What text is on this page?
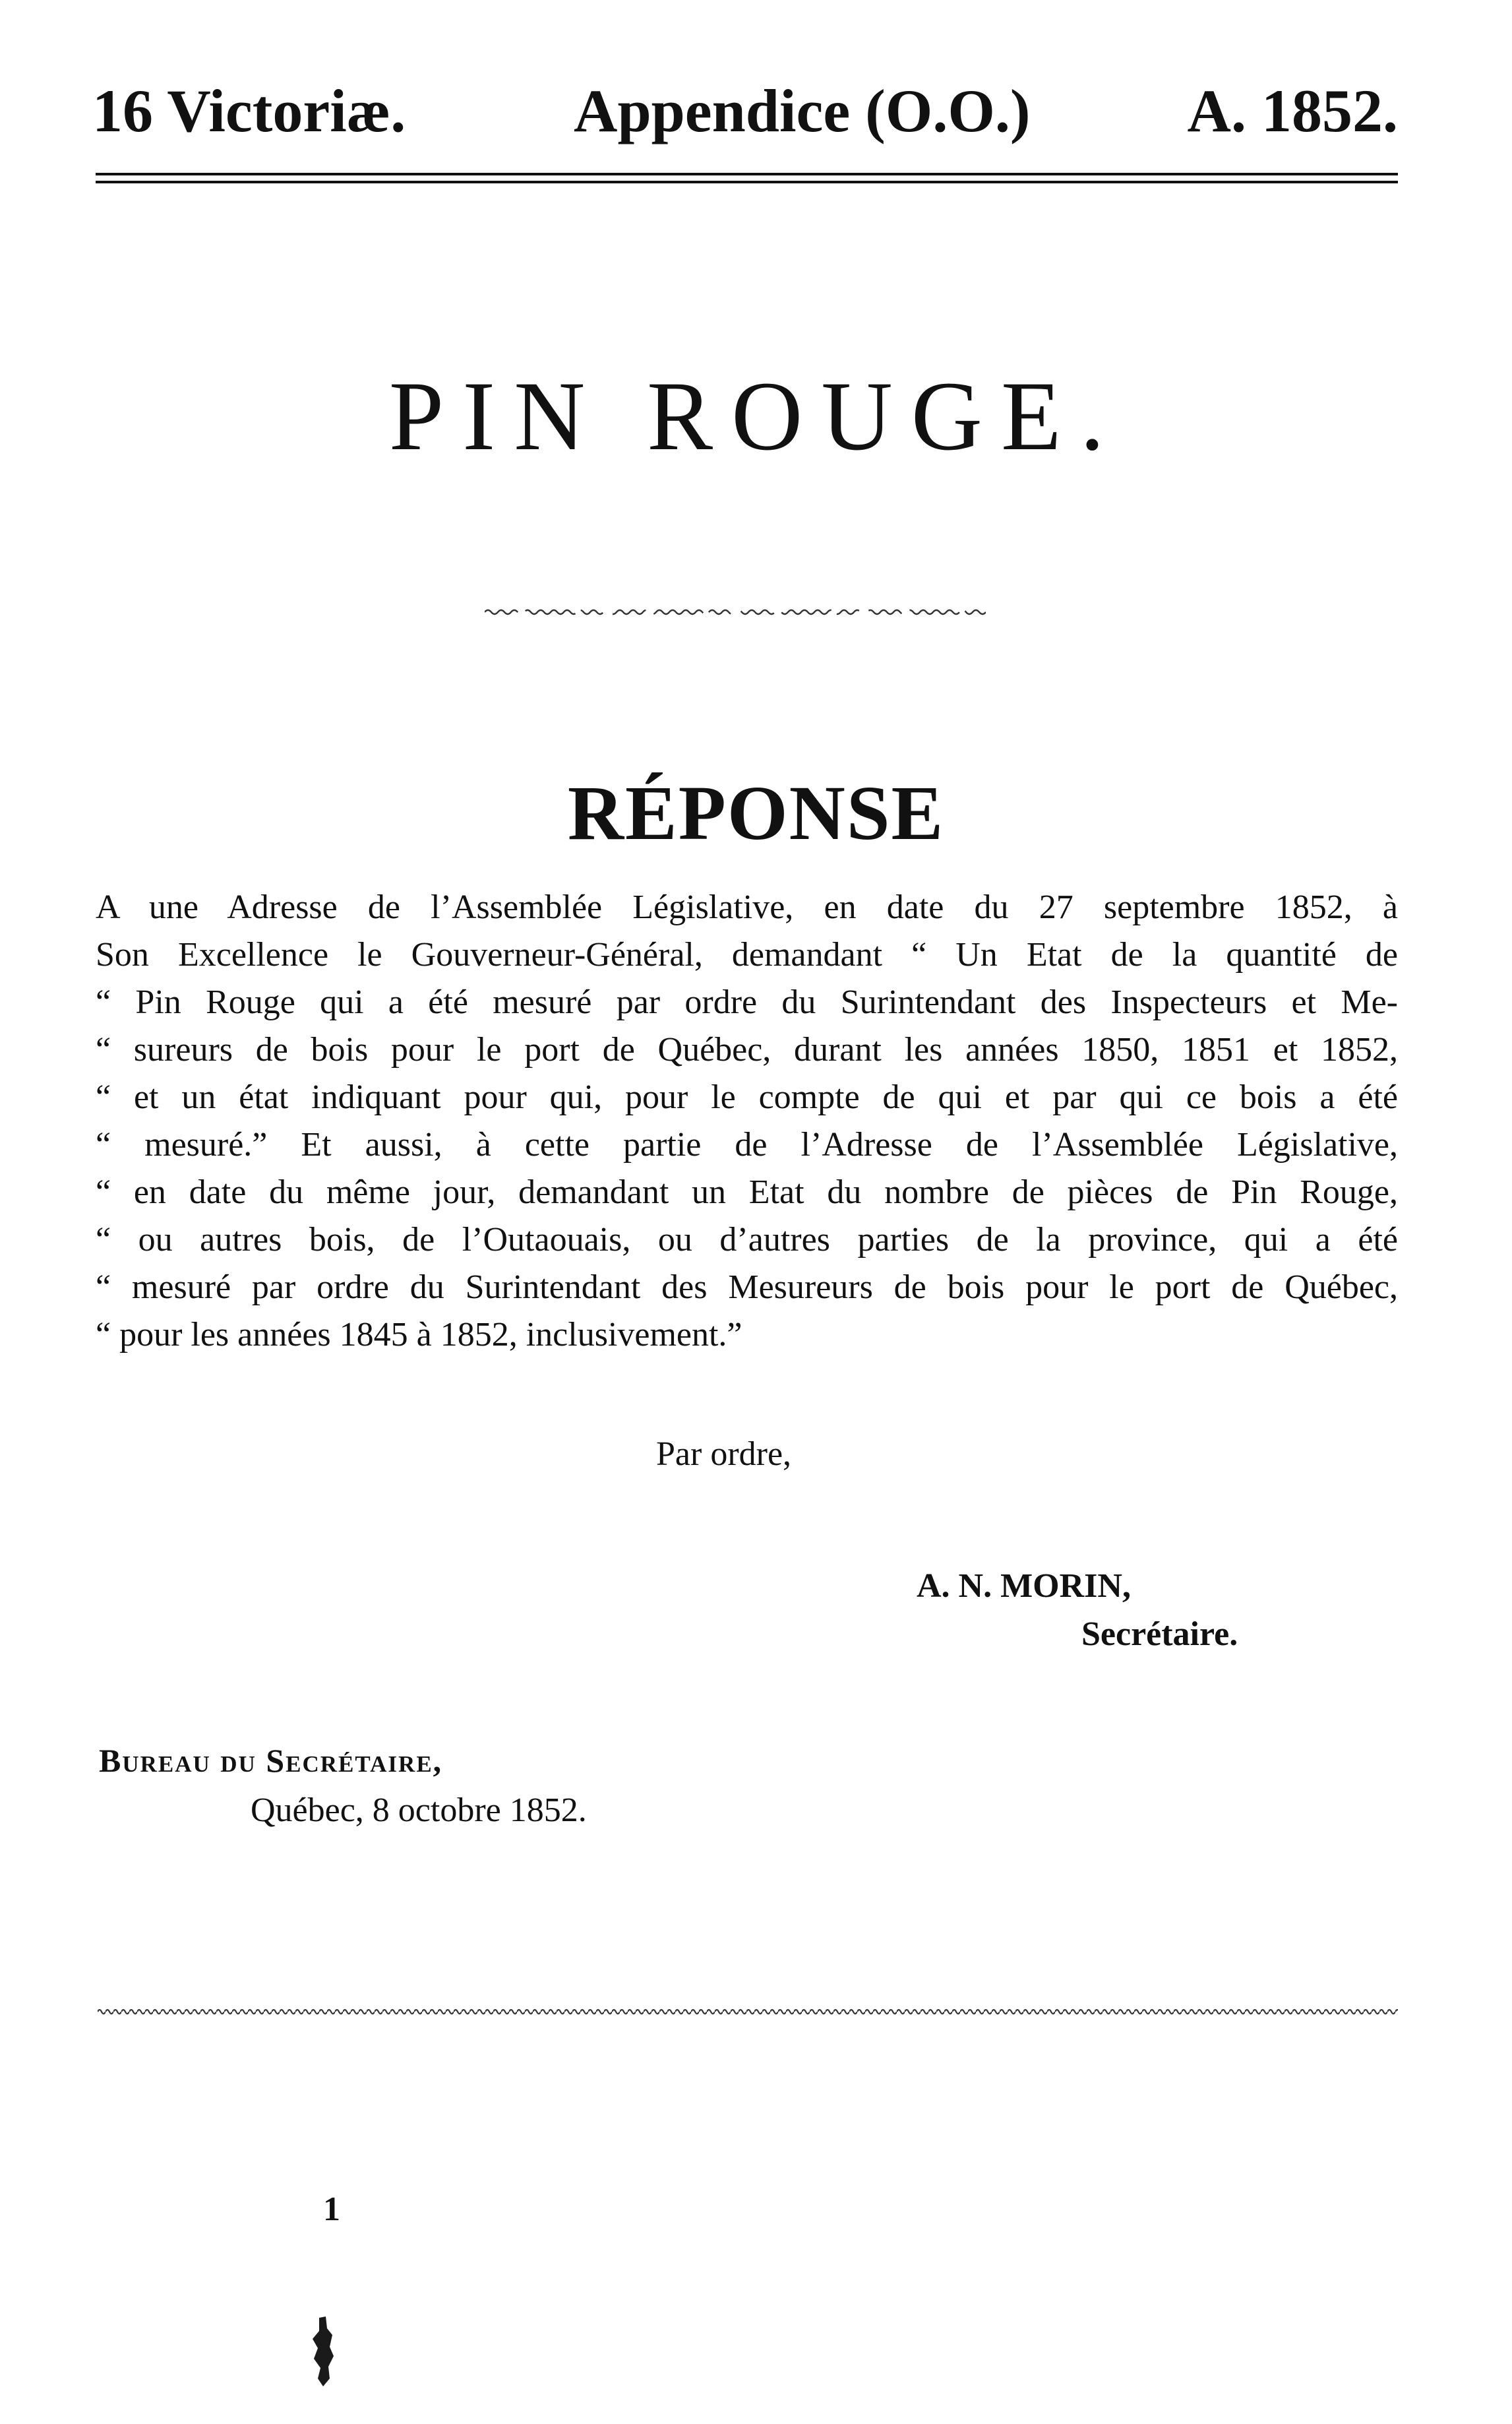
16 Victoriæ.	Appendice (O.O.)	A. 1852.
PIN ROUGE.
RÉPONSE
A une Adresse de l’Assemblée Législative, en date du 27 septembre 1852, à
Son Excellence le Gouverneur-Général, demandant “ Un Etat de la quantité de
“ Pin Rouge qui a été mesuré par ordre du Surintendant des Inspecteurs et Me-
“ sureurs de bois pour le port de Québec, durant les années 1850, 1851 et 1852,
“ et un état indiquant pour qui, pour le compte de qui et par qui ce bois a été
“ mesuré.” Et aussi, à cette partie de l’Adresse de l’Assemblée Législative,
“ en date du même jour, demandant un Etat du nombre de pièces de Pin Rouge,
“ ou autres bois, de l’Outaouais, ou d’autres parties de la province, qui a été
“ mesuré par ordre du Surintendant des Mesureurs de bois pour le port de Québec,
“ pour les années 1845 à 1852, inclusivement.”
Par ordre,
A. N. MORIN,
Secrétaire.
Bureau du Secrétaire,
Québec, 8 octobre 1852.
1
